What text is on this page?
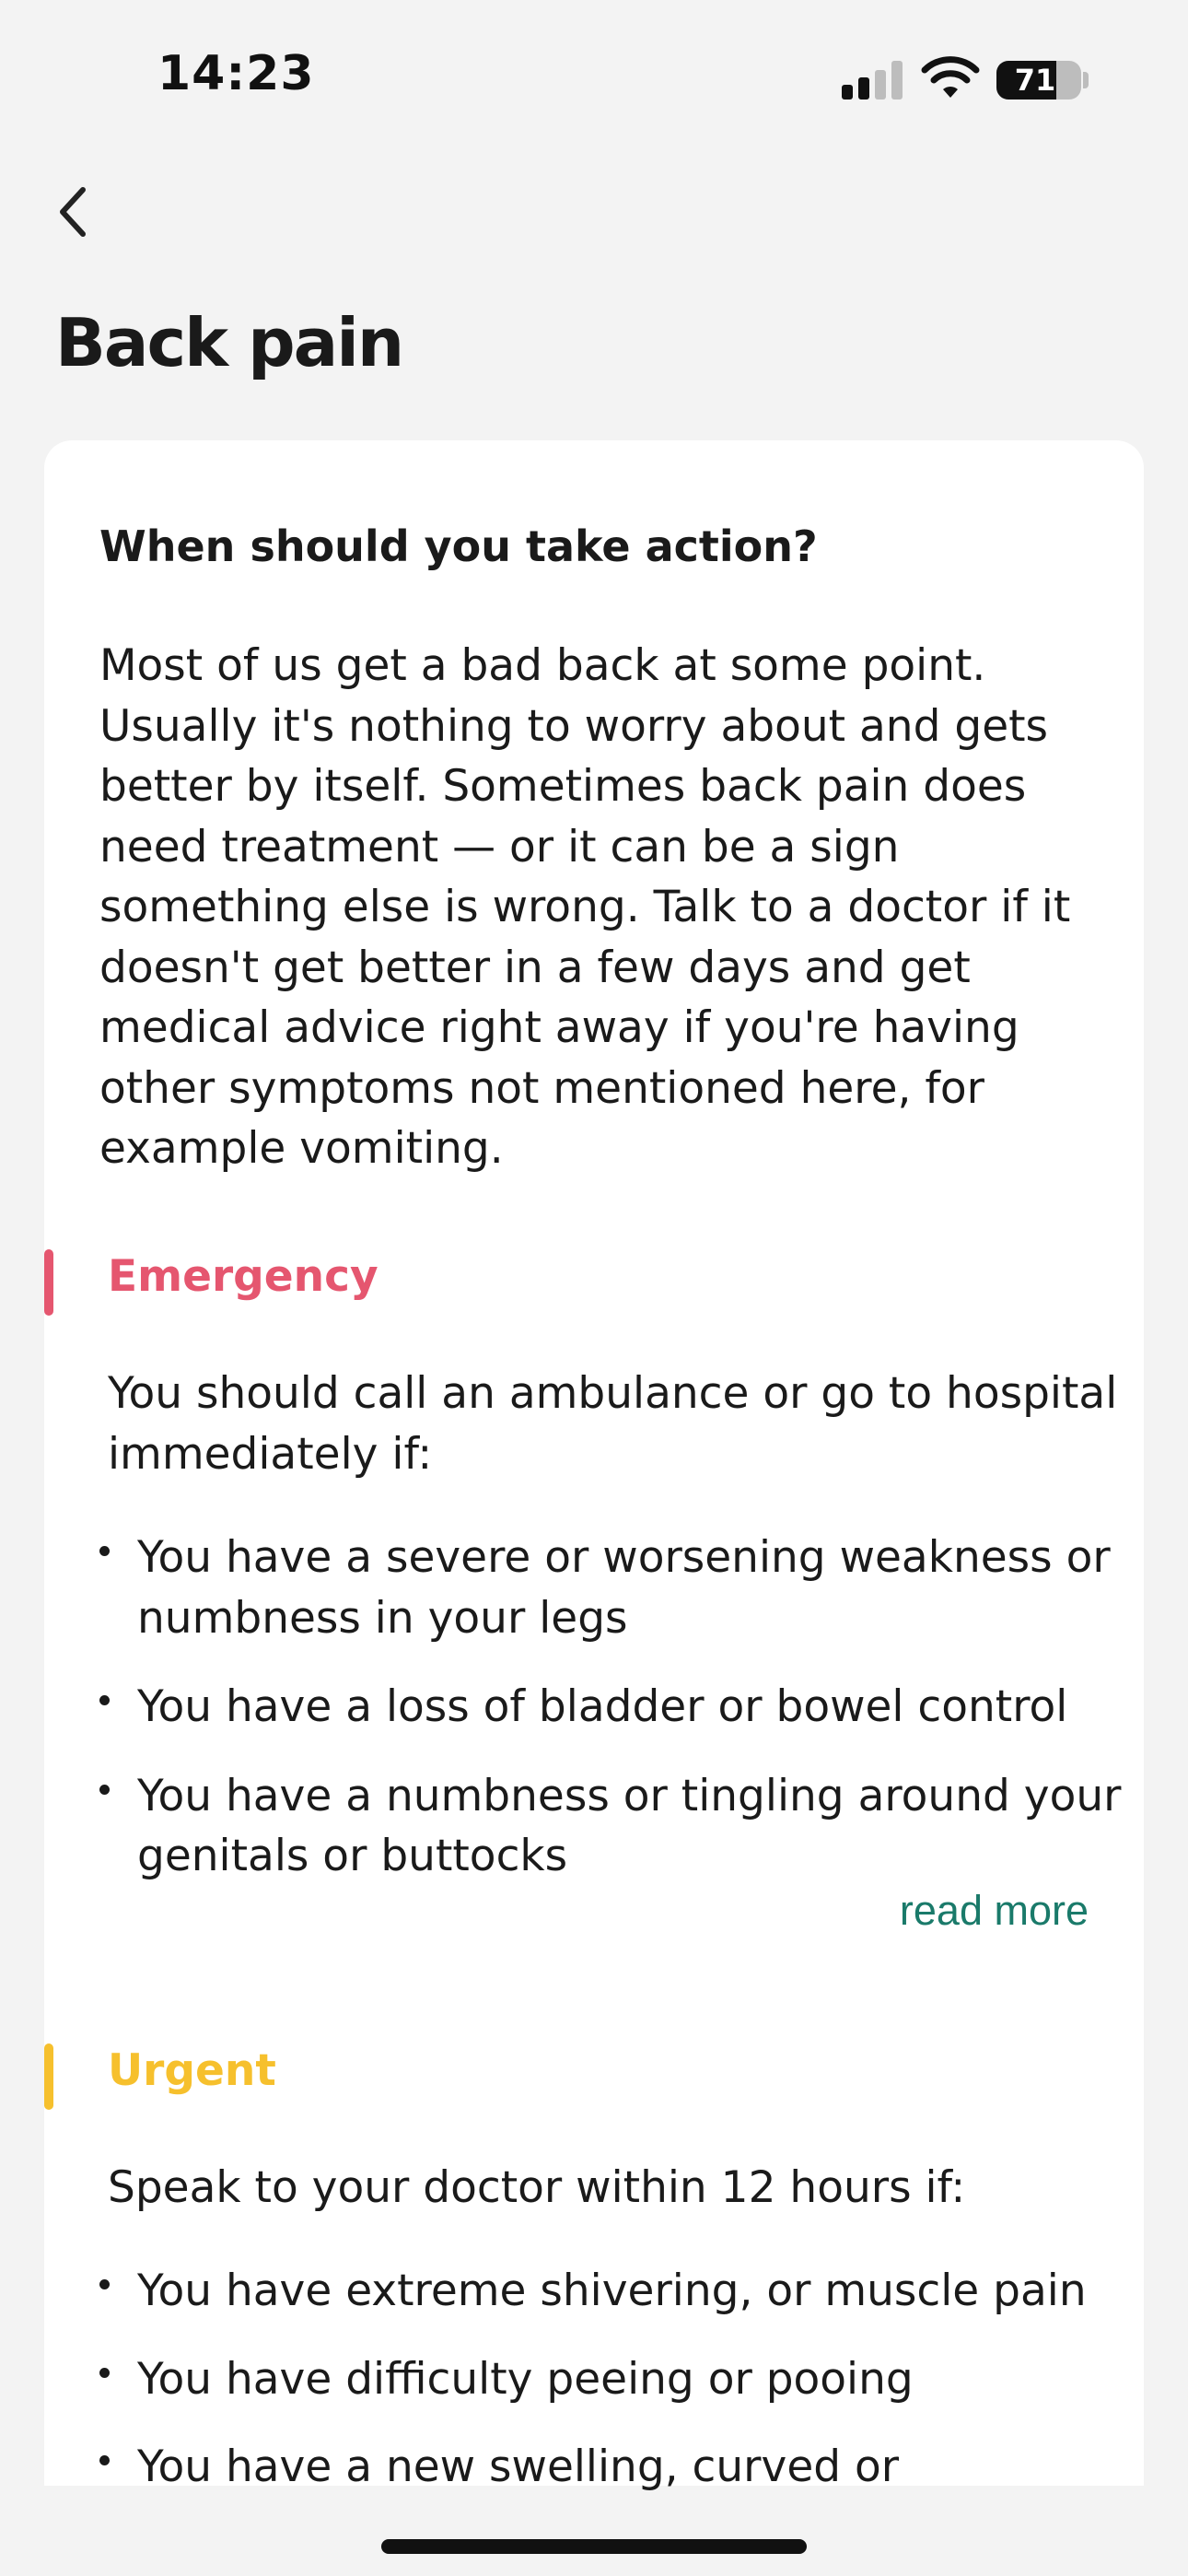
14:23	71
Back pain
When should you take action?

Most of us get a bad back at some point. Usually it's nothing to worry about and gets better by itself. Sometimes back pain does need treatment — or it can be a sign something else is wrong. Talk to a doctor if it doesn't get better in a few days and get medical advice right away if you're having other symptoms not mentioned here, for example vomiting.

Emergency

You should call an ambulance or go to hospital immediately if:

You have a severe or worsening weakness or numbness in your legs
You have a loss of bladder or bowel control
You have a numbness or tingling around your genitals or buttocks
read more
Urgent

Speak to your doctor within 12 hours if:

You have extreme shivering, or muscle pain
You have difficulty peeing or pooing
You have a new swelling, curved or
